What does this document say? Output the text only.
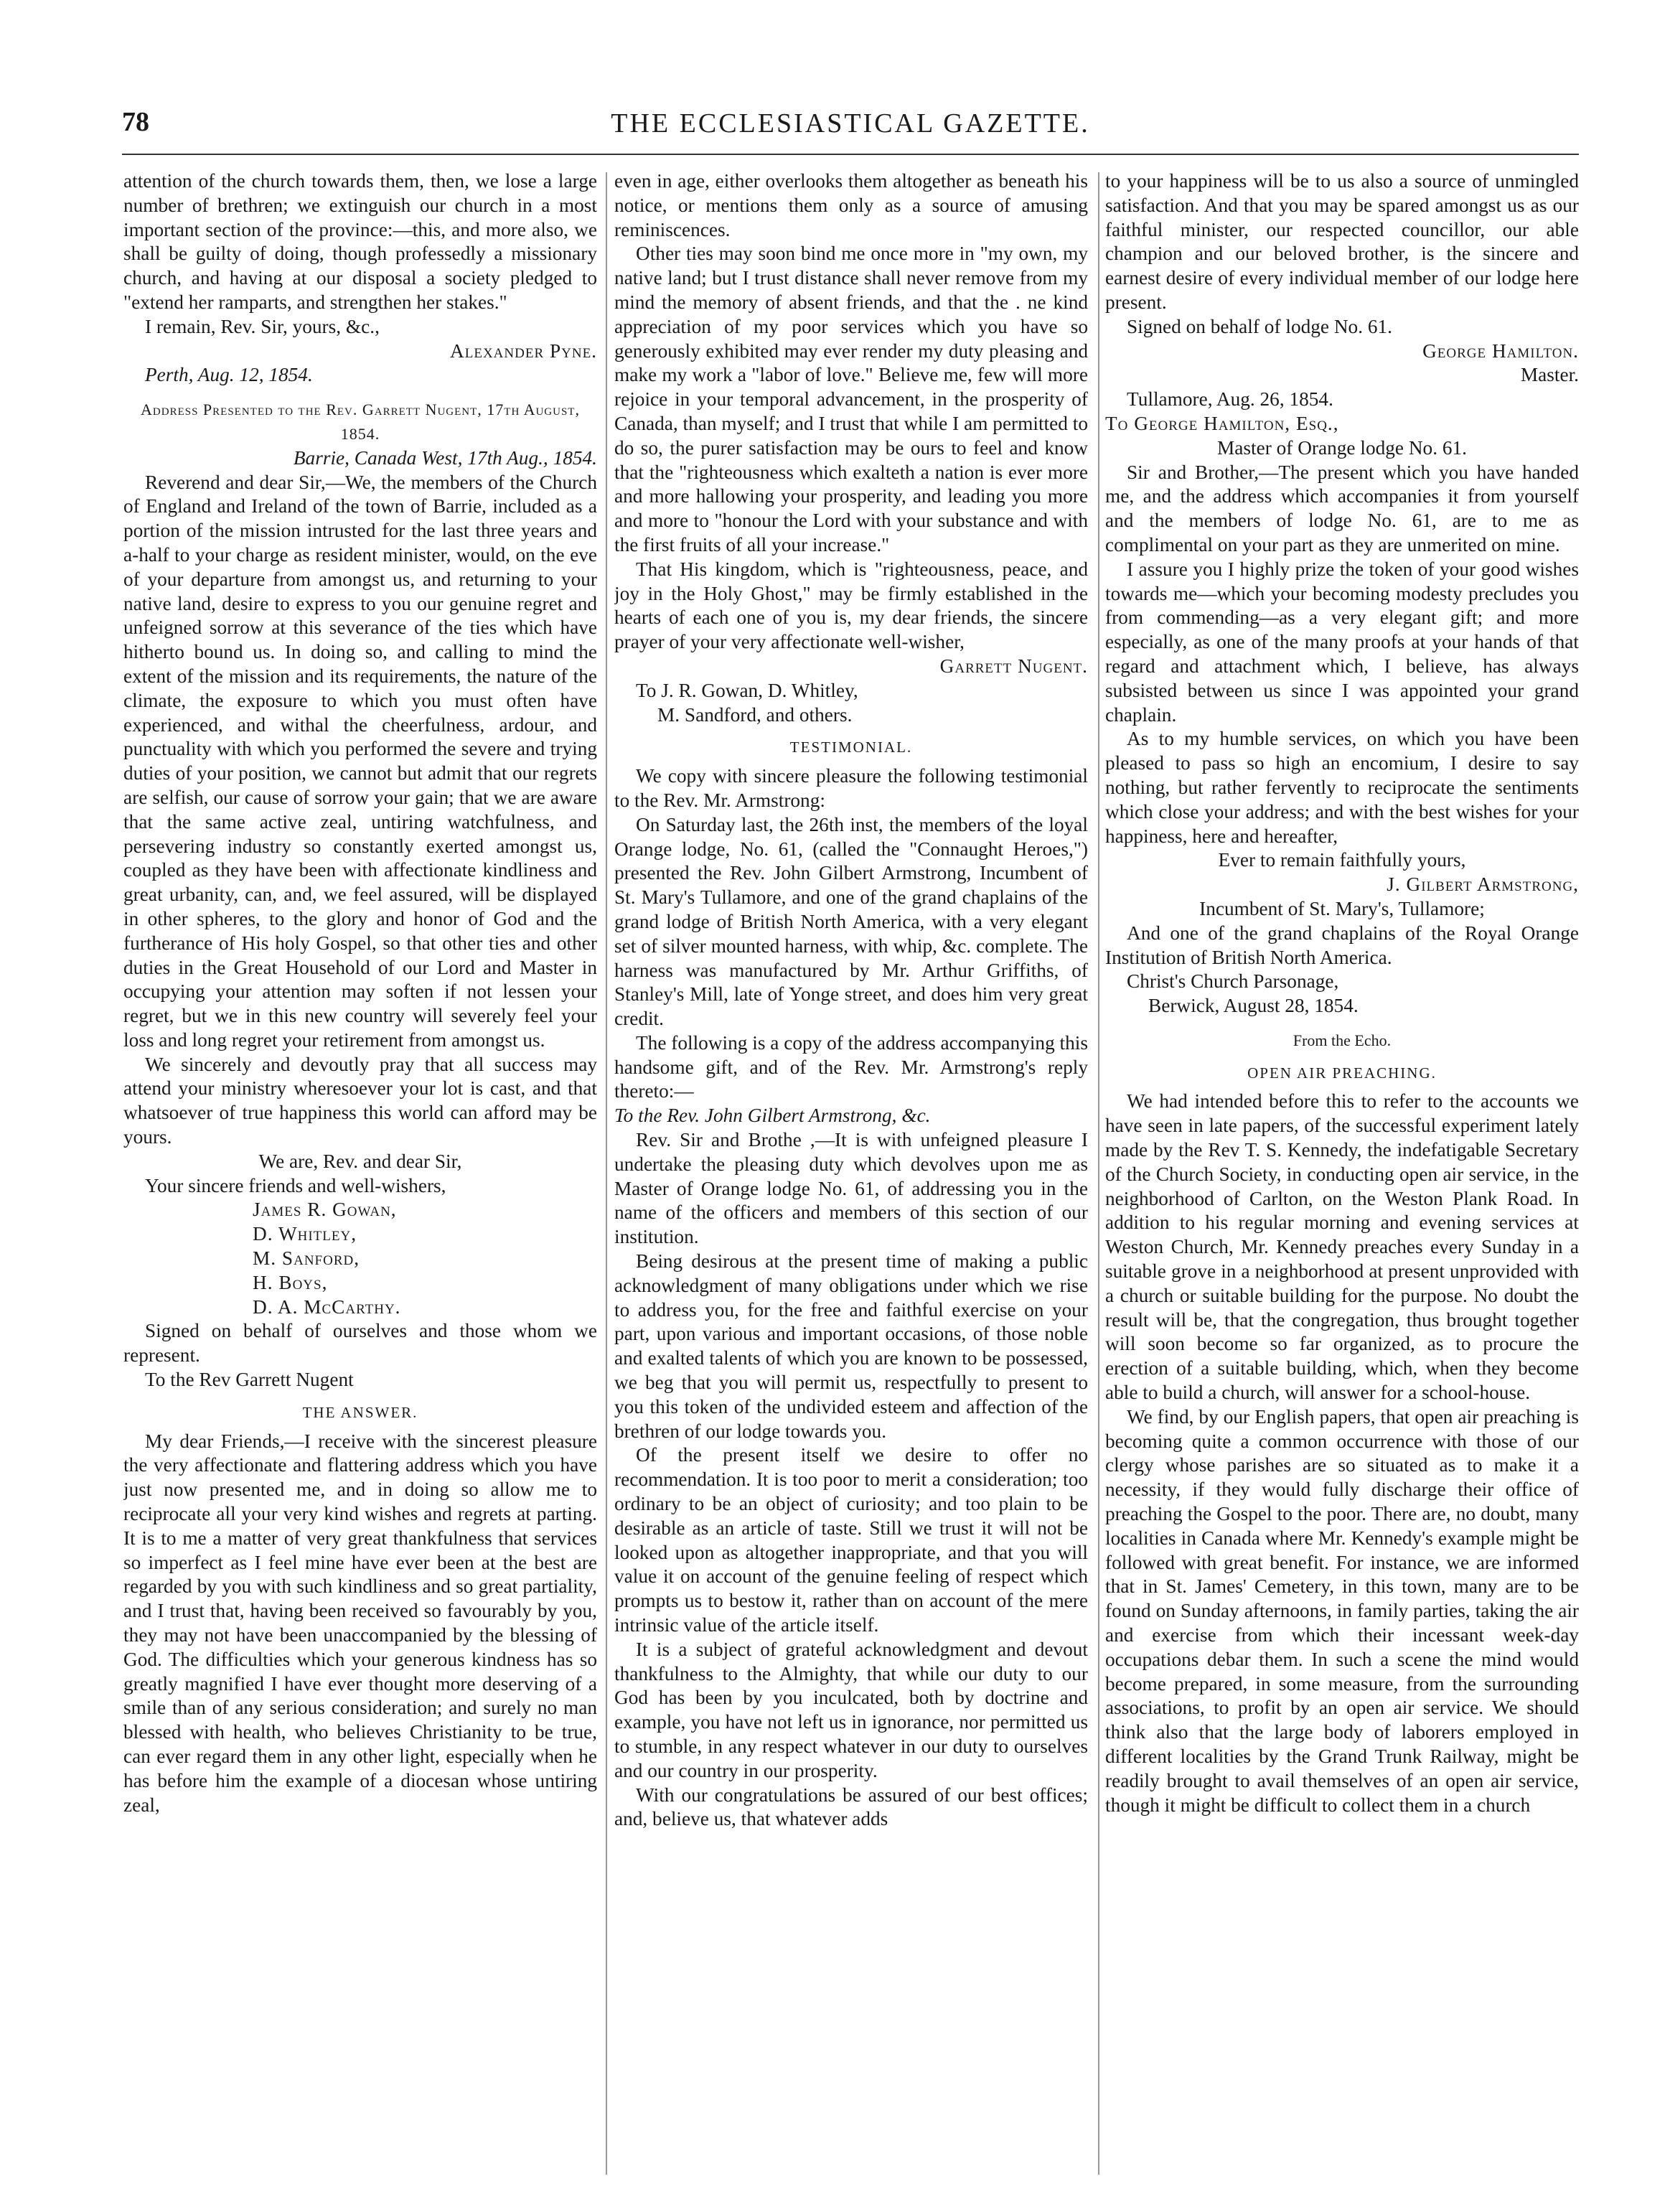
78	THE ECCLESIASTICAL GAZETTE.

attention of the church towards them, then, we lose a large number of brethren; we extinguish our church in a most important section of the province:—this, and more also, we shall be guilty of doing, though professedly a missionary church, and having at our disposal a society pledged to "extend her ramparts, and strengthen her stakes."

I remain, Rev. Sir, yours, &c.,

Alexander Pyne.

Perth, Aug. 12, 1854.

Address Presented to the Rev. Garrett Nugent, 17th August, 1854.

Barrie, Canada West, 17th Aug., 1854.

Reverend and dear Sir,—We, the members of the Church of England and Ireland of the town of Barrie, included as a portion of the mission intrusted for the last three years and a-half to your charge as resident minister, would, on the eve of your departure from amongst us, and returning to your native land, desire to express to you our genuine regret and unfeigned sorrow at this severance of the ties which have hitherto bound us. In doing so, and calling to mind the extent of the mission and its requirements, the nature of the climate, the exposure to which you must often have experienced, and withal the cheerfulness, ardour, and punctuality with which you performed the severe and trying duties of your position, we cannot but admit that our regrets are selfish, our cause of sorrow your gain; that we are aware that the same active zeal, untiring watchfulness, and persevering industry so constantly exerted amongst us, coupled as they have been with affectionate kindliness and great urbanity, can, and, we feel assured, will be displayed in other spheres, to the glory and honor of God and the furtherance of His holy Gospel, so that other ties and other duties in the Great Household of our Lord and Master in occupying your attention may soften if not lessen your regret, but we in this new country will severely feel your loss and long regret your retirement from amongst us.

We sincerely and devoutly pray that all success may attend your ministry wheresoever your lot is cast, and that whatsoever of true happiness this world can afford may be yours.

We are, Rev. and dear Sir,

Your sincere friends and well-wishers,

James R. Gowan,

D. Whitley,

M. Sanford,

H. Boys,

D. A. McCarthy.

Signed on behalf of ourselves and those whom we represent.

To the Rev Garrett Nugent

THE ANSWER.

My dear Friends,—I receive with the sincerest pleasure the very affectionate and flattering address which you have just now presented me, and in doing so allow me to reciprocate all your very kind wishes and regrets at parting. It is to me a matter of very great thankfulness that services so imperfect as I feel mine have ever been at the best are regarded by you with such kindliness and so great partiality, and I trust that, having been received so favourably by you, they may not have been unaccompanied by the blessing of God. The difficulties which your generous kindness has so greatly magnified I have ever thought more deserving of a smile than of any serious consideration; and surely no man blessed with health, who believes Christianity to be true, can ever regard them in any other light, especially when he has before him the example of a diocesan whose untiring zeal,

even in age, either overlooks them altogether as beneath his notice, or mentions them only as a source of amusing reminiscences.

Other ties may soon bind me once more in "my own, my native land; but I trust distance shall never remove from my mind the memory of absent friends, and that the . ne kind appreciation of my poor services which you have so generously exhibited may ever render my duty pleasing and make my work a "labor of love." Believe me, few will more rejoice in your temporal advancement, in the prosperity of Canada, than myself; and I trust that while I am permitted to do so, the purer satisfaction may be ours to feel and know that the "righteousness which exalteth a nation is ever more and more hallowing your prosperity, and leading you more and more to "honour the Lord with your substance and with the first fruits of all your increase."

That His kingdom, which is "righteousness, peace, and joy in the Holy Ghost," may be firmly established in the hearts of each one of you is, my dear friends, the sincere prayer of your very affectionate well-wisher,

Garrett Nugent.

To J. R. Gowan, D. Whitley,

M. Sandford, and others.

TESTIMONIAL.

We copy with sincere pleasure the following testimonial to the Rev. Mr. Armstrong:

On Saturday last, the 26th inst, the members of the loyal Orange lodge, No. 61, (called the "Connaught Heroes,") presented the Rev. John Gilbert Armstrong, Incumbent of St. Mary's Tullamore, and one of the grand chaplains of the grand lodge of British North America, with a very elegant set of silver mounted harness, with whip, &c. complete. The harness was manufactured by Mr. Arthur Griffiths, of Stanley's Mill, late of Yonge street, and does him very great credit.

The following is a copy of the address accompanying this handsome gift, and of the Rev. Mr. Armstrong's reply thereto:—

To the Rev. John Gilbert Armstrong, &c.

Rev. Sir and Brothe ,—It is with unfeigned pleasure I undertake the pleasing duty which devolves upon me as Master of Orange lodge No. 61, of addressing you in the name of the officers and members of this section of our institution.

Being desirous at the present time of making a public acknowledgment of many obligations under which we rise to address you, for the free and faithful exercise on your part, upon various and important occasions, of those noble and exalted talents of which you are known to be possessed, we beg that you will permit us, respectfully to present to you this token of the undivided esteem and affection of the brethren of our lodge towards you.

Of the present itself we desire to offer no recommendation. It is too poor to merit a consideration; too ordinary to be an object of curiosity; and too plain to be desirable as an article of taste. Still we trust it will not be looked upon as altogether inappropriate, and that you will value it on account of the genuine feeling of respect which prompts us to bestow it, rather than on account of the mere intrinsic value of the article itself.

It is a subject of grateful acknowledgment and devout thankfulness to the Almighty, that while our duty to our God has been by you inculcated, both by doctrine and example, you have not left us in ignorance, nor permitted us to stumble, in any respect whatever in our duty to ourselves and our country in our prosperity.

With our congratulations be assured of our best offices; and, believe us, that whatever adds

to your happiness will be to us also a source of unmingled satisfaction. And that you may be spared amongst us as our faithful minister, our respected councillor, our able champion and our beloved brother, is the sincere and earnest desire of every individual member of our lodge here present.

Signed on behalf of lodge No. 61.

George Hamilton.

Master.

Tullamore, Aug. 26, 1854.

To George Hamilton, Esq.,

Master of Orange lodge No. 61.

Sir and Brother,—The present which you have handed me, and the address which accompanies it from yourself and the members of lodge No. 61, are to me as complimental on your part as they are unmerited on mine.

I assure you I highly prize the token of your good wishes towards me—which your becoming modesty precludes you from commending—as a very elegant gift; and more especially, as one of the many proofs at your hands of that regard and attachment which, I believe, has always subsisted between us since I was appointed your grand chaplain.

As to my humble services, on which you have been pleased to pass so high an encomium, I desire to say nothing, but rather fervently to reciprocate the sentiments which close your address; and with the best wishes for your happiness, here and hereafter,

Ever to remain faithfully yours,

J. Gilbert Armstrong,

Incumbent of St. Mary's, Tullamore;

And one of the grand chaplains of the Royal Orange Institution of British North America.

Christ's Church Parsonage,

Berwick, August 28, 1854.

From the Echo.

OPEN AIR PREACHING.

We had intended before this to refer to the accounts we have seen in late papers, of the successful experiment lately made by the Rev T. S. Kennedy, the indefatigable Secretary of the Church Society, in conducting open air service, in the neighborhood of Carlton, on the Weston Plank Road. In addition to his regular morning and evening services at Weston Church, Mr. Kennedy preaches every Sunday in a suitable grove in a neighborhood at present unprovided with a church or suitable building for the purpose. No doubt the result will be, that the congregation, thus brought together will soon become so far organized, as to procure the erection of a suitable building, which, when they become able to build a church, will answer for a school-house.

We find, by our English papers, that open air preaching is becoming quite a common occurrence with those of our clergy whose parishes are so situated as to make it a necessity, if they would fully discharge their office of preaching the Gospel to the poor. There are, no doubt, many localities in Canada where Mr. Kennedy's example might be followed with great benefit. For instance, we are informed that in St. James' Cemetery, in this town, many are to be found on Sunday afternoons, in family parties, taking the air and exercise from which their incessant week-day occupations debar them. In such a scene the mind would become prepared, in some measure, from the surrounding associations, to profit by an open air service. We should think also that the large body of laborers employed in different localities by the Grand Trunk Railway, might be readily brought to avail themselves of an open air service, though it might be difficult to collect them in a church
